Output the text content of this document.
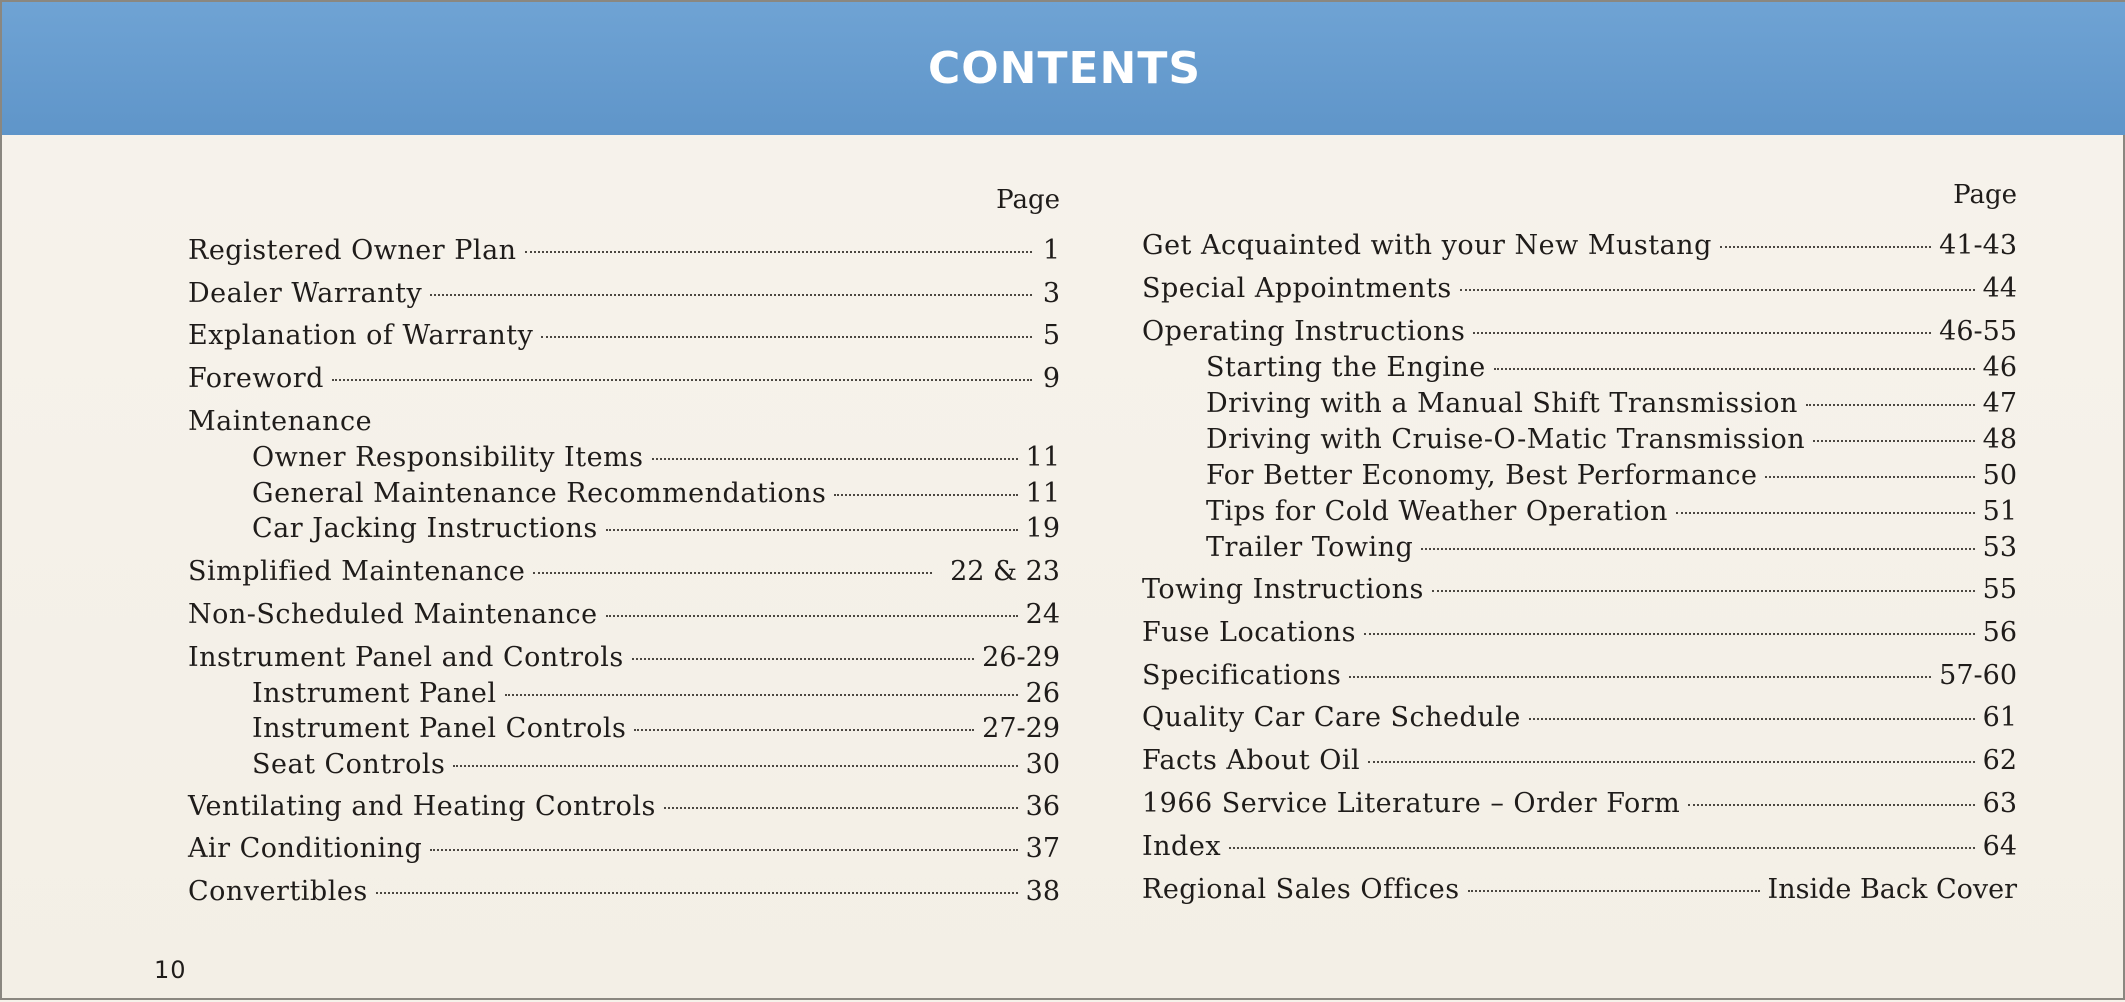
CONTENTS
Page
Registered Owner Plan	1
Dealer Warranty	3
Explanation of Warranty	5
Foreword	9
Maintenance
Owner Responsibility Items	11
General Maintenance Recommendations	11
Car Jacking Instructions	19
Simplified Maintenance	22 & 23
Non-Scheduled Maintenance	24
Instrument Panel and Controls	26-29
Instrument Panel	26
Instrument Panel Controls	27-29
Seat Controls	30
Ventilating and Heating Controls	36
Air Conditioning	37
Convertibles	38
Page
Get Acquainted with your New Mustang	41-43
Special Appointments	44
Operating Instructions	46-55
Starting the Engine	46
Driving with a Manual Shift Transmission	47
Driving with Cruise-O-Matic Transmission	48
For Better Economy, Best Performance	50
Tips for Cold Weather Operation	51
Trailer Towing	53
Towing Instructions	55
Fuse Locations	56
Specifications	57-60
Quality Car Care Schedule	61
Facts About Oil	62
1966 Service Literature – Order Form	63
Index	64
Regional Sales Offices	Inside Back Cover
10
